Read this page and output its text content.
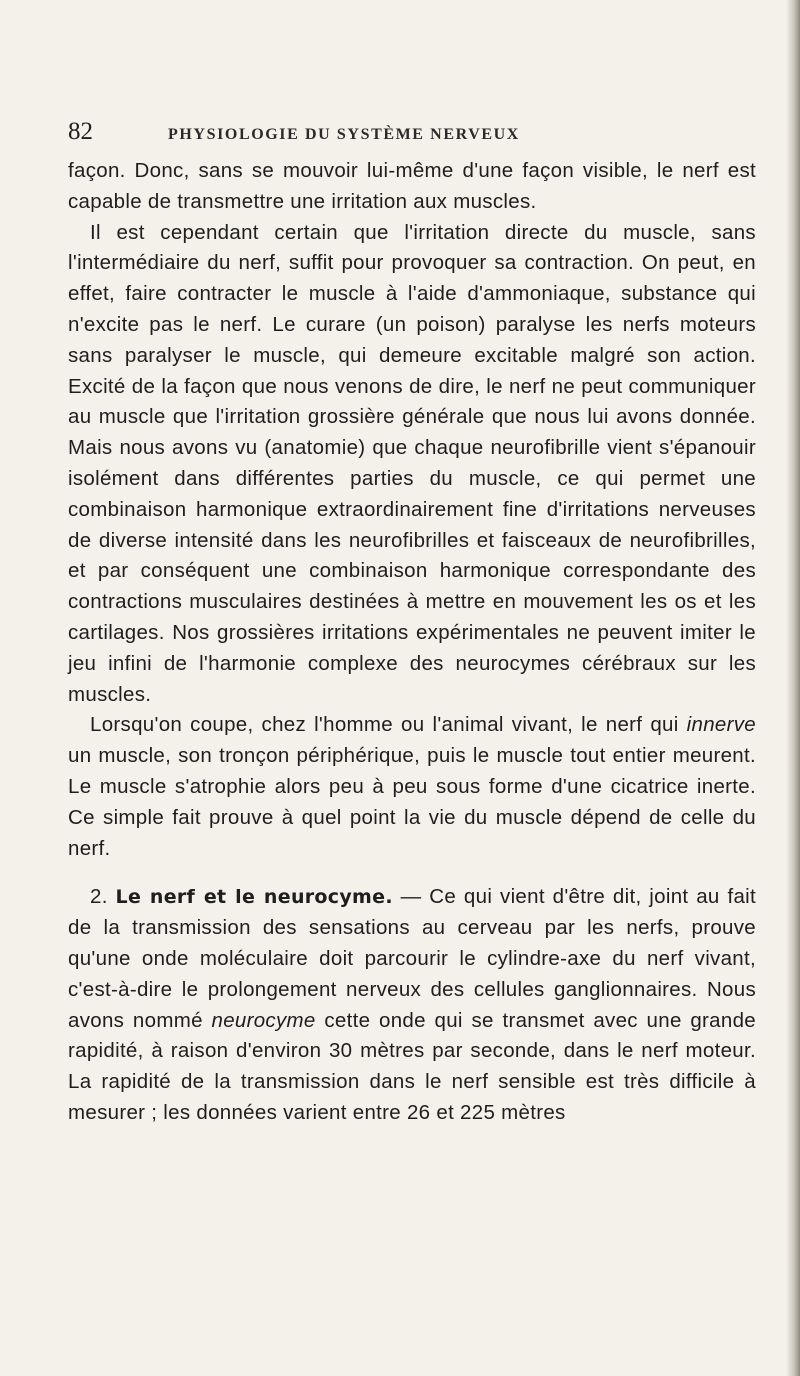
82	PHYSIOLOGIE DU SYSTÈME NERVEUX

façon. Donc, sans se mouvoir lui-même d'une façon visible, le nerf est capable de transmettre une irritation aux muscles.

Il est cependant certain que l'irritation directe du muscle, sans l'intermédiaire du nerf, suffit pour provoquer sa contraction. On peut, en effet, faire contracter le muscle à l'aide d'ammoniaque, substance qui n'excite pas le nerf. Le curare (un poison) paralyse les nerfs moteurs sans paralyser le muscle, qui demeure excitable malgré son action. Excité de la façon que nous venons de dire, le nerf ne peut communiquer au muscle que l'irritation grossière générale que nous lui avons donnée. Mais nous avons vu (anatomie) que chaque neurofibrille vient s'épanouir isolément dans différentes parties du muscle, ce qui permet une combinaison harmonique extraordinairement fine d'irritations nerveuses de diverse intensité dans les neurofibrilles et faisceaux de neurofibrilles, et par conséquent une combinaison harmonique correspondante des contractions musculaires destinées à mettre en mouvement les os et les cartilages. Nos grossières irritations expérimentales ne peuvent imiter le jeu infini de l'harmonie complexe des neurocymes cérébraux sur les muscles.

Lorsqu'on coupe, chez l'homme ou l'animal vivant, le nerf qui innerve un muscle, son tronçon périphérique, puis le muscle tout entier meurent. Le muscle s'atrophie alors peu à peu sous forme d'une cicatrice inerte. Ce simple fait prouve à quel point la vie du muscle dépend de celle du nerf.

2. Le nerf et le neurocyme. — Ce qui vient d'être dit, joint au fait de la transmission des sensations au cerveau par les nerfs, prouve qu'une onde moléculaire doit parcourir le cylindre-axe du nerf vivant, c'est-à-dire le prolongement nerveux des cellules ganglionnaires. Nous avons nommé neurocyme cette onde qui se transmet avec une grande rapidité, à raison d'environ 30 mètres par seconde, dans le nerf moteur. La rapidité de la transmission dans le nerf sensible est très difficile à mesurer ; les données varient entre 26 et 225 mètres
